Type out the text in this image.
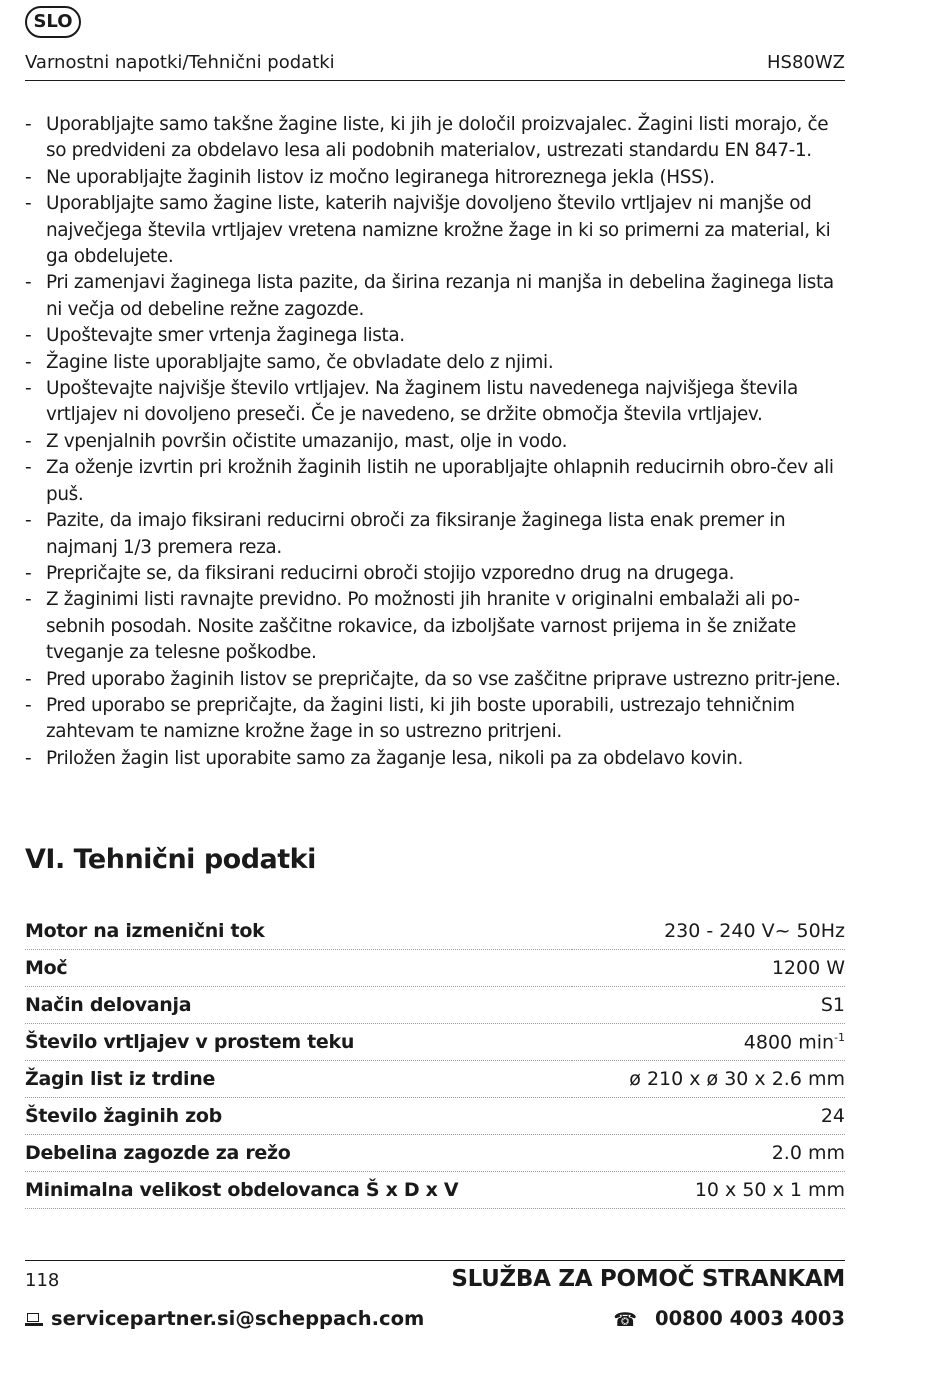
SLO
Varnostni napotki/Tehnični podatki	HS80WZ
- Uporabljajte samo takšne žagine liste, ki jih je določil proizvajalec. Žagini listi morajo, če so predvideni za obdelavo lesa ali podobnih materialov, ustrezati standardu EN 847-1.
- Ne uporabljajte žaginih listov iz močno legiranega hitroreznega jekla (HSS).
- Uporabljajte samo žagine liste, katerih najvišje dovoljeno število vrtljajev ni manjše od največjega števila vrtljajev vretena namizne krožne žage in ki so primerni za material, ki ga obdelujete.
- Pri zamenjavi žaginega lista pazite, da širina rezanja ni manjša in debelina žaginega lista ni večja od debeline režne zagozde.
- Upoštevajte smer vrtenja žaginega lista.
- Žagine liste uporabljajte samo, če obvladate delo z njimi.
- Upoštevajte najvišje število vrtljajev. Na žaginem listu navedenega najvišjega števila vrtljajev ni dovoljeno preseči. Če je navedeno, se držite območja števila vrtljajev.
- Z vpenjalnih površin očistite umazanijo, mast, olje in vodo.
- Za oženje izvrtin pri krožnih žaginih listih ne uporabljajte ohlapnih reducirnih obro-čev ali puš.
- Pazite, da imajo fiksirani reducirni obroči za fiksiranje žaginega lista enak premer in najmanj 1/3 premera reza.
- Prepričajte se, da fiksirani reducirni obroči stojijo vzporedno drug na drugega.
- Z žaginimi listi ravnajte previdno. Po možnosti jih hranite v originalni embalaži ali po-sebnih posodah. Nosite zaščitne rokavice, da izboljšate varnost prijema in še znižate tveganje za telesne poškodbe.
- Pred uporabo žaginih listov se prepričajte, da so vse zaščitne priprave ustrezno pritr-jene.
- Pred uporabo se prepričajte, da žagini listi, ki jih boste uporabili, ustrezajo tehničnim zahtevam te namizne krožne žage in so ustrezno pritrjeni.
- Priložen žagin list uporabite samo za žaganje lesa, nikoli pa za obdelavo kovin.
VI. Tehnični podatki
Motor na izmenični tok	230 - 240 V~ 50Hz
Moč	1200 W
Način delovanja	S1
Število vrtljajev v prostem teku	4800 $\min^{-1}$
Žagin list iz trdine	ø 210 x ø 30 x 2.6 mm
Število žaginih zob	24
Debelina zagozde za režo	2.0 mm
Minimalna velikost obdelovanca Š x D x V	10 x 50 x 1 mm
118	SLUŽBA ZA POMOČ STRANKAM
servicepartner.si@scheppach.com	☎ 00800 4003 4003
